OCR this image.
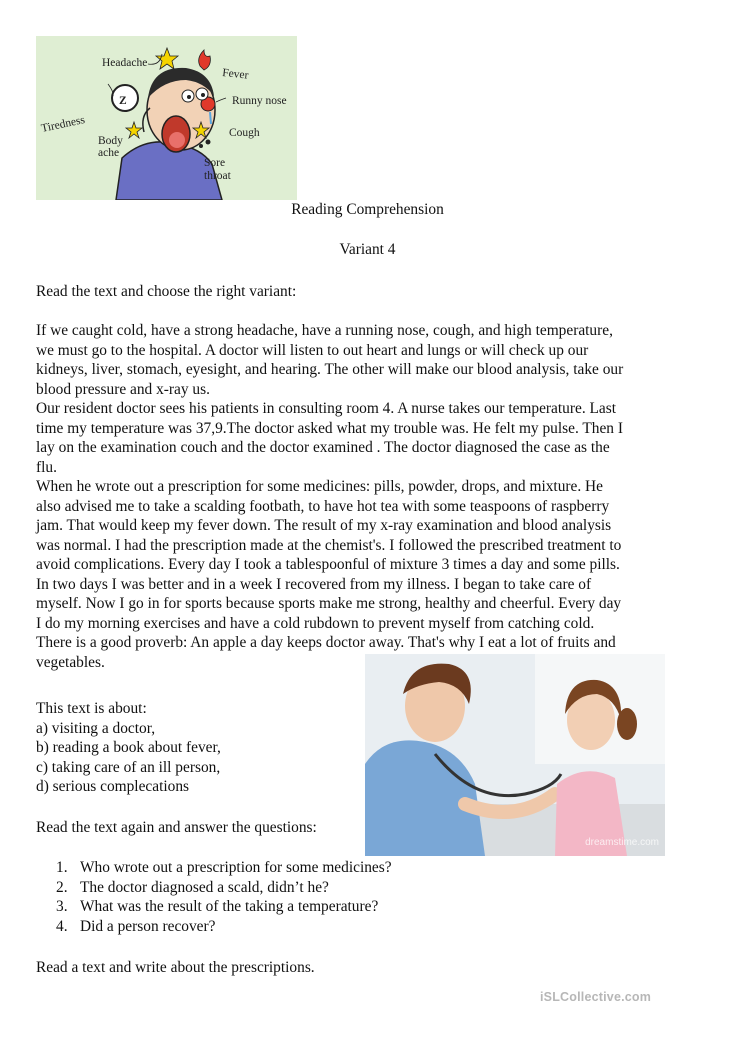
Z
Headache
Fever
Runny nose
Tiredness	Cough
Body
ache
Sore
throat
Reading Comprehension
Variant 4
Read the text and choose the right variant:
If we caught cold, have a strong headache, have a running nose, cough, and high temperature,
we must go to the hospital. A doctor will listen to out heart and lungs or will check up our
kidneys, liver, stomach, eyesight, and hearing. The other will make our blood analysis, take our
blood pressure and x-ray us.
Our resident doctor sees his patients in consulting room 4. A nurse takes our temperature. Last
time my temperature was 37,9.The doctor asked what my trouble was. He felt my pulse. Then I
lay on the examination couch and the doctor examined . The doctor diagnosed the case as the
flu.
When he wrote out a prescription for some medicines: pills, powder, drops, and mixture. He
also advised me to take a scalding footbath, to have hot tea with some teaspoons of raspberry
jam. That would keep my fever down. The result of my x-ray examination and blood analysis
was normal. I had the prescription made at the chemist's. I followed the prescribed treatment to
avoid complications. Every day I took a tablespoonful of mixture 3 times a day and some pills.
In two days I was better and in a week I recovered from my illness. I began to take care of
myself. Now I go in for sports because sports make me strong, healthy and cheerful. Every day
I do my morning exercises and have a cold rubdown to prevent myself from catching cold.
There is a good proverb: An apple a day keeps doctor away. That's why I eat a lot of fruits and
vegetables.
dreamstime.com
This text is about:
a) visiting a doctor,
b) reading a book about fever,
c) taking care of an ill person,
d) serious complecations
Read the text again and answer the questions:
1. Who wrote out a prescription for some medicines?
2. The doctor diagnosed a scald, didn’t he?
3. What was the result of the taking a temperature?
4. Did a person recover?
Read a text and write about the prescriptions.
iSLCollective.com
